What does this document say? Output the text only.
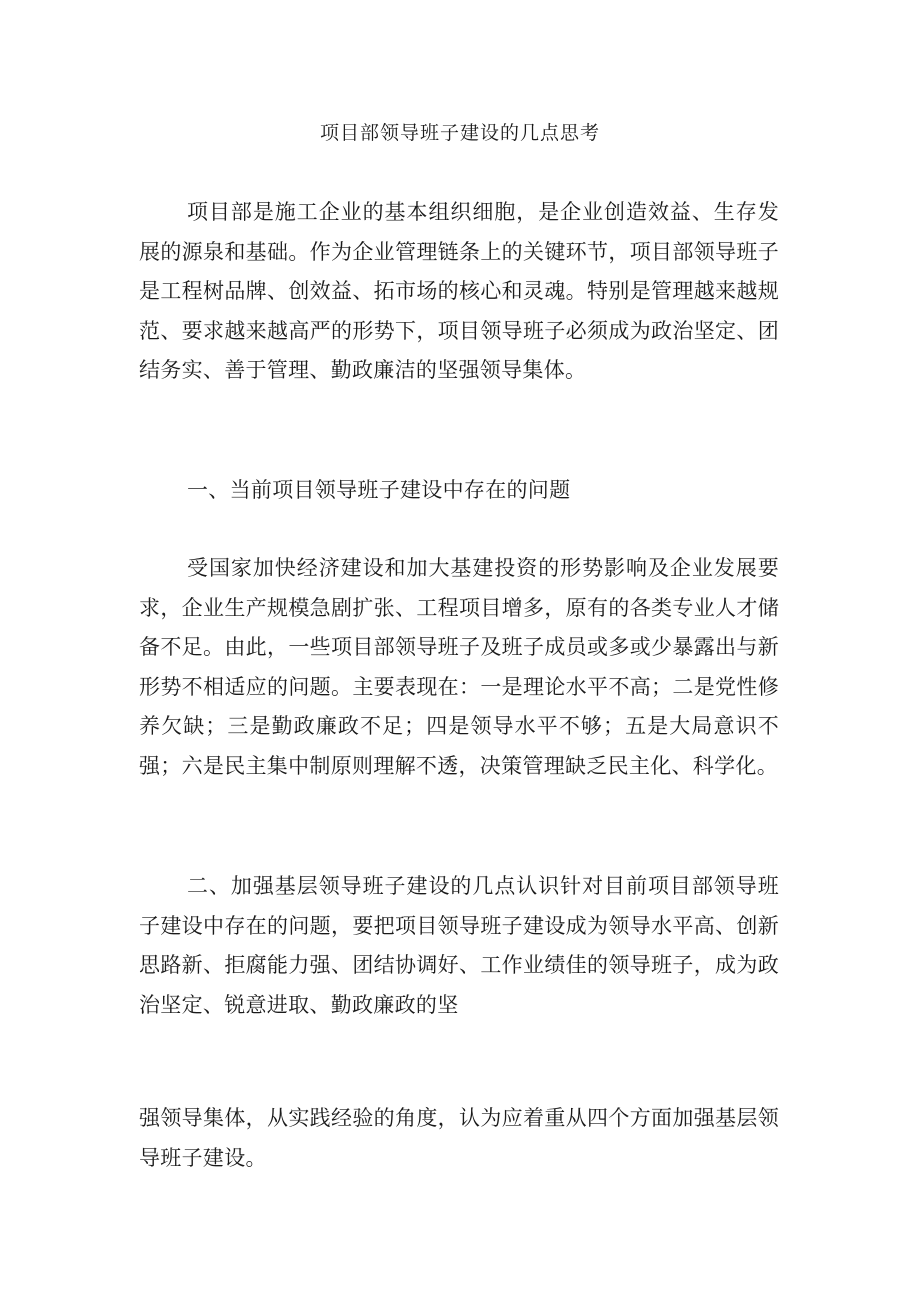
项目部领导班子建设的几点思考

项目部是施工企业的基本组织细胞，是企业创造效益、生存发展的源泉和基础。作为企业管理链条上的关键环节，项目部领导班子是工程树品牌、创效益、拓市场的核心和灵魂。特别是管理越来越规范、要求越来越高严的形势下，项目领导班子必须成为政治坚定、团结务实、善于管理、勤政廉洁的坚强领导集体。

一、当前项目领导班子建设中存在的问题

受国家加快经济建设和加大基建投资的形势影响及企业发展要求，企业生产规模急剧扩张、工程项目增多，原有的各类专业人才储备不足。由此，一些项目部领导班子及班子成员或多或少暴露出与新形势不相适应的问题。主要表现在：一是理论水平不高；二是党性修养欠缺；三是勤政廉政不足；四是领导水平不够；五是大局意识不强；六是民主集中制原则理解不透，决策管理缺乏民主化、科学化。

二、加强基层领导班子建设的几点认识针对目前项目部领导班子建设中存在的问题，要把项目领导班子建设成为领导水平高、创新思路新、拒腐能力强、团结协调好、工作业绩佳的领导班子，成为政治坚定、锐意进取、勤政廉政的坚

强领导集体，从实践经验的角度，认为应着重从四个方面加强基层领导班子建设。
